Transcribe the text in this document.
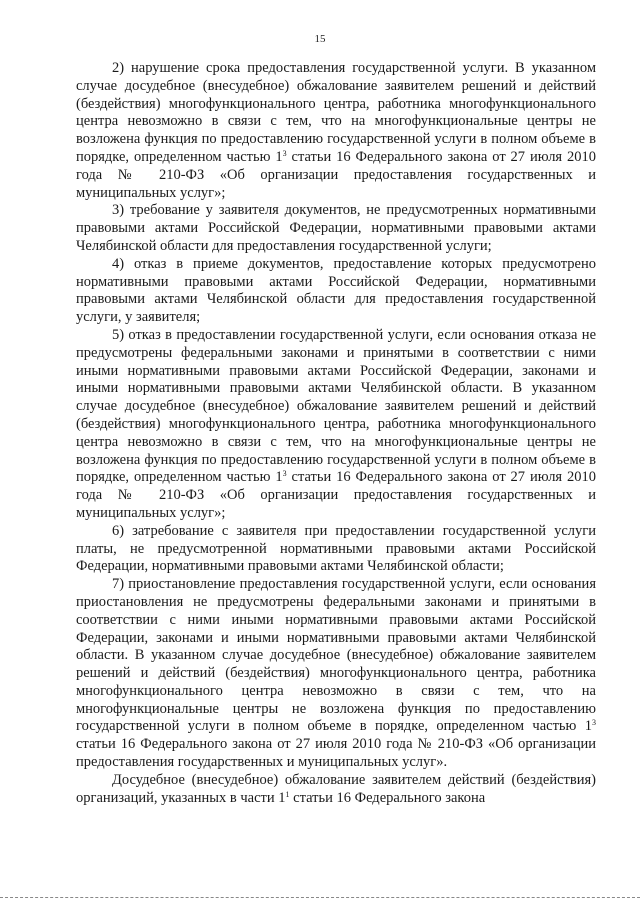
15

2) нарушение срока предоставления государственной услуги. В указанном случае досудебное (внесудебное) обжалование заявителем решений и действий (бездействия) многофункционального центра, работника многофункционального центра невозможно в связи с тем, что на многофункциональные центры не возложена функция по предоставлению государственной услуги в полном объеме в порядке, определенном частью $1^3$ статьи 16 Федерального закона от 27 июля 2010 года № 210-ФЗ «Об организации предоставления государственных и муниципальных услуг»;

3) требование у заявителя документов, не предусмотренных нормативными правовыми актами Российской Федерации, нормативными правовыми актами Челябинской области для предоставления государственной услуги;

4) отказ в приеме документов, предоставление которых предусмотрено нормативными правовыми актами Российской Федерации, нормативными правовыми актами Челябинской области для предоставления государственной услуги, у заявителя;

5) отказ в предоставлении государственной услуги, если основания отказа не предусмотрены федеральными законами и принятыми в соответствии с ними иными нормативными правовыми актами Российской Федерации, законами и иными нормативными правовыми актами Челябинской области. В указанном случае досудебное (внесудебное) обжалование заявителем решений и действий (бездействия) многофункционального центра, работника многофункционального центра невозможно в связи с тем, что на многофункциональные центры не возложена функция по предоставлению государственной услуги в полном объеме в порядке, определенном частью $1^3$ статьи 16 Федерального закона от 27 июля 2010 года № 210-ФЗ «Об организации предоставления государственных и муниципальных услуг»;

6) затребование с заявителя при предоставлении государственной услуги платы, не предусмотренной нормативными правовыми актами Российской Федерации, нормативными правовыми актами Челябинской области;

7) приостановление предоставления государственной услуги, если основания приостановления не предусмотрены федеральными законами и принятыми в соответствии с ними иными нормативными правовыми актами Российской Федерации, законами и иными нормативными правовыми актами Челябинской области. В указанном случае досудебное (внесудебное) обжалование заявителем решений и действий (бездействия) многофункционального центра, работника многофункционального центра невозможно в связи с тем, что на многофункциональные центры не возложена функция по предоставлению государственной услуги в полном объеме в порядке, определенном частью $1^3$ статьи 16 Федерального закона от 27 июля 2010 года № 210-ФЗ «Об организации предоставления государственных и муниципальных услуг».

Досудебное (внесудебное) обжалование заявителем действий (бездействия) организаций, указанных в части $1^1$ статьи 16 Федерального закона
